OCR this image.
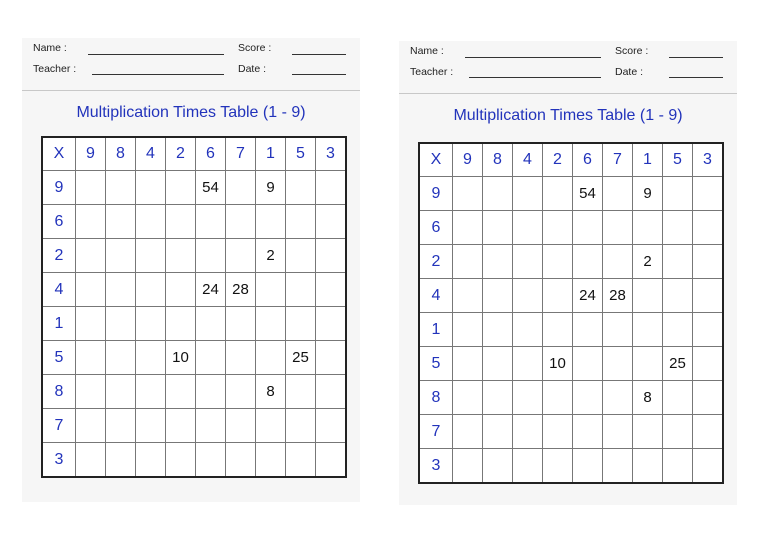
Name :	Score :
Teacher :	Date :
Multiplication Times Table (1 - 9)
X	9	8	4	2	6	7	1	5	3
9					54		9		
6									
2							2		
4					24	28			
1									
5				10				25	
8							8		
7									
3									
Name :	Score :
Teacher :	Date :
Multiplication Times Table (1 - 9)
X	9	8	4	2	6	7	1	5	3
9					54		9		
6									
2							2		
4					24	28			
1									
5				10				25	
8							8		
7									
3									
